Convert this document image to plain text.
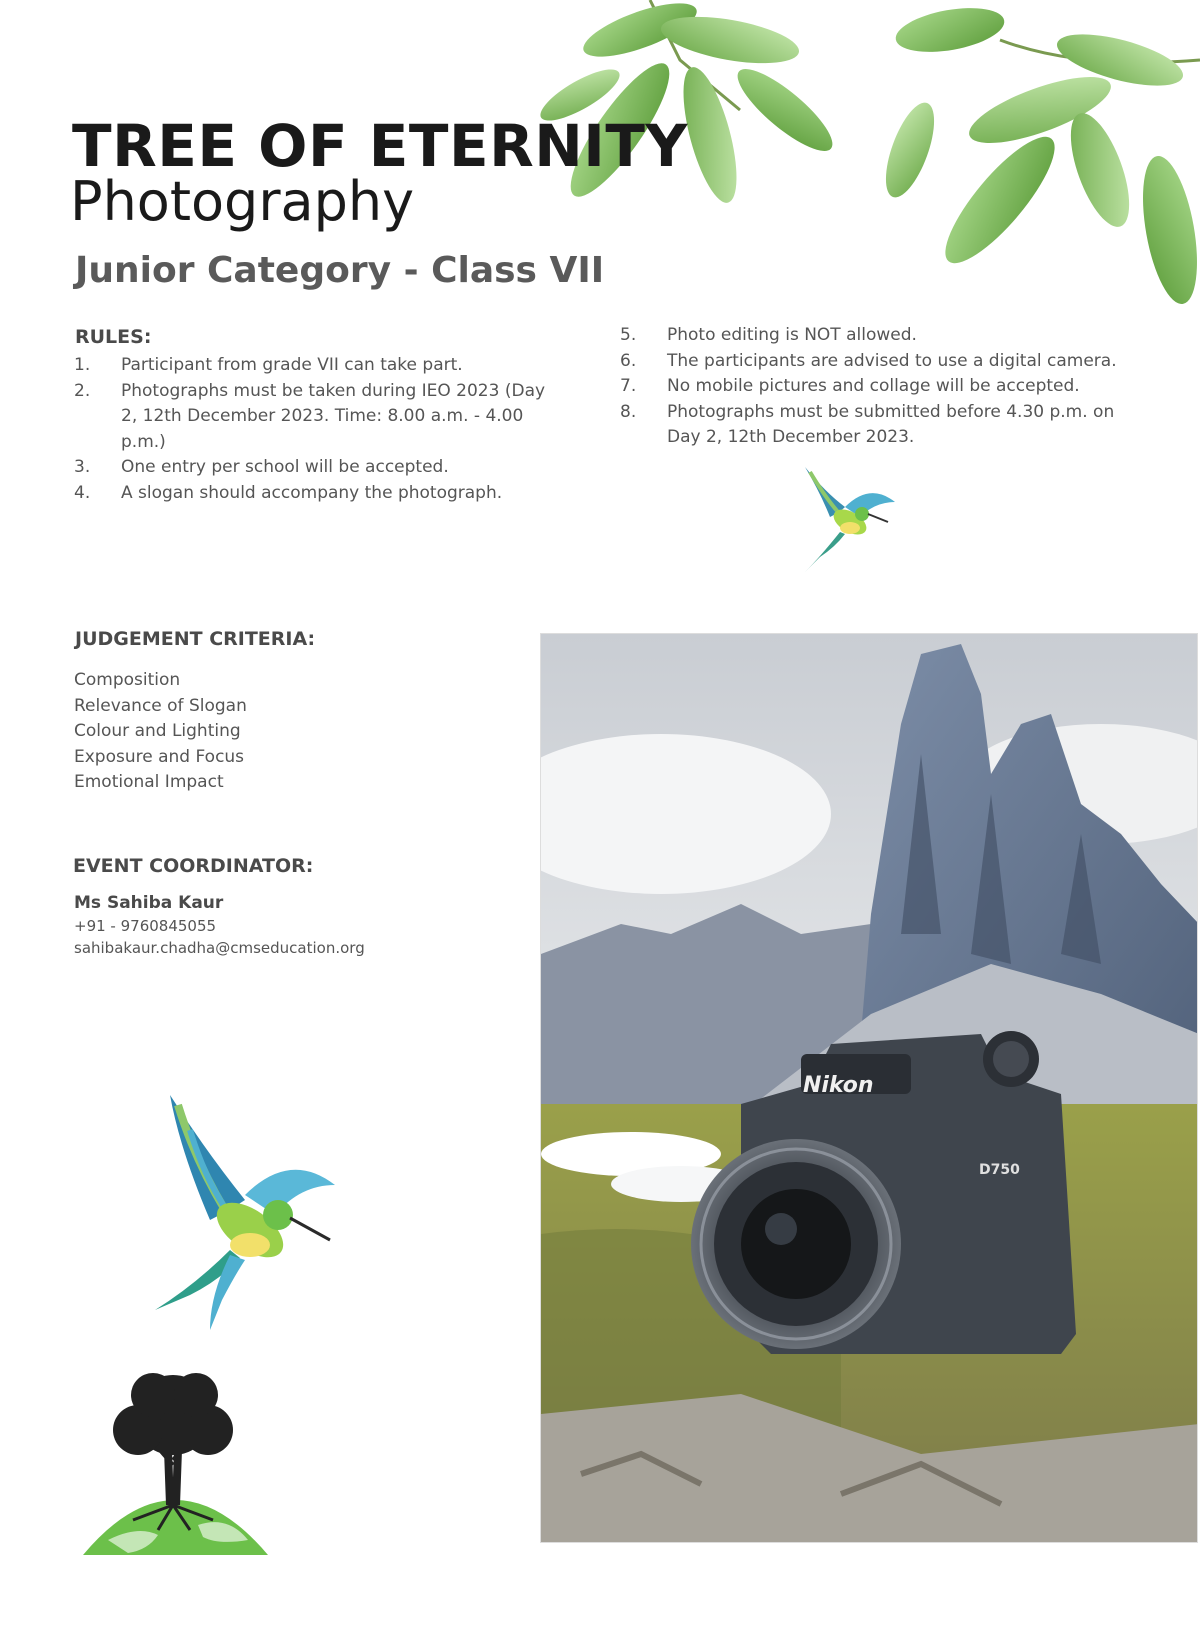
TREE OF ETERNITY
Photography
Junior Category - Class VII
RULES:
1. Participant from grade VII can take part.
2. Photographs must be taken during IEO 2023 (Day 2, 12th December 2023. Time: 8.00 a.m. - 4.00 p.m.)
3. One entry per school will be accepted.
4. A slogan should accompany the photograph.
5. Photo editing is NOT allowed.
6. The participants are advised to use a digital camera.
7. No mobile pictures and collage will be accepted.
8. Photographs must be submitted before 4.30 p.m. on Day 2, 12th December 2023.
JUDGEMENT CRITERIA:
Composition
Relevance of Slogan
Colour and Lighting
Exposure and Focus
Emotional Impact
EVENT COORDINATOR:
Ms Sahiba Kaur
+91 - 9760845055
sahibakaur.chadha@cmseducation.org
Nikon
D750
